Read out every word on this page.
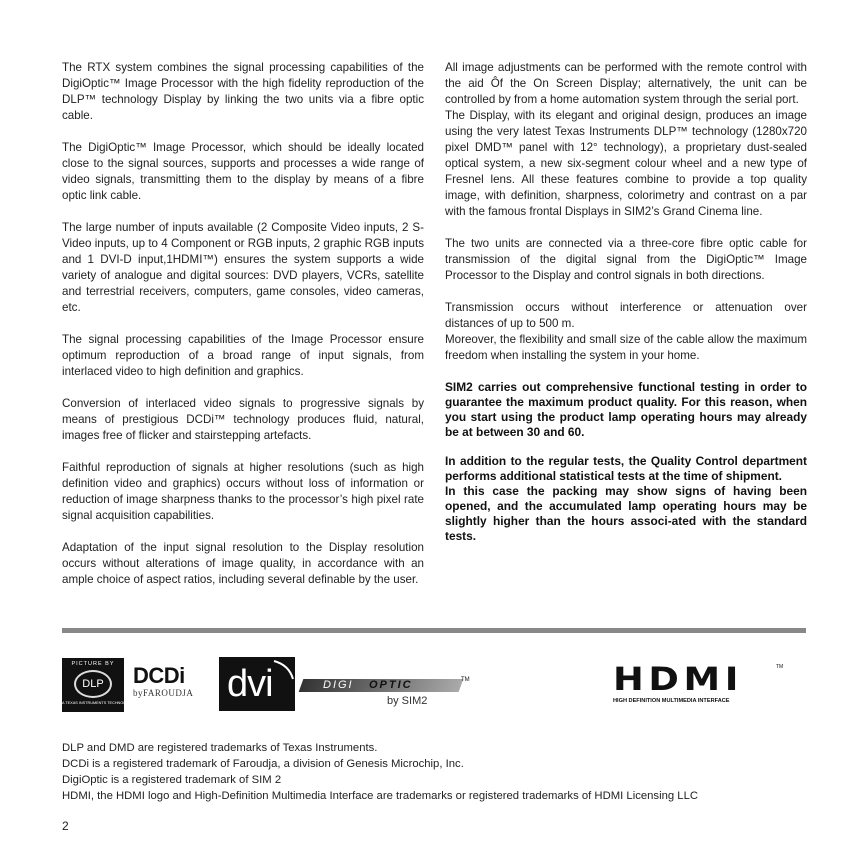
The RTX system combines the signal processing capabilities of the DigiOptic™ Image Processor with the high fidelity reproduction of the DLP™ technology Display by linking the two units via a fibre optic cable.

The DigiOptic™ Image Processor, which should be ideally located close to the signal sources, supports and processes a wide range of video signals, transmitting them to the display by means of a fibre optic link cable.

The large number of inputs available (2 Composite Video inputs, 2 S-Video inputs, up to 4 Component or RGB inputs, 2 graphic RGB inputs and 1 DVI-D input,1HDMI™) ensures the system supports a wide variety of analogue and digital sources: DVD players, VCRs, satellite and terrestrial receivers, computers, game consoles, video cameras, etc.

The signal processing capabilities of the Image Processor ensure optimum reproduction of a broad range of input signals, from interlaced video to high definition and graphics.

Conversion of interlaced video signals to progressive signals by means of prestigious DCDi™ technology produces fluid, natural, images free of flicker and stairstepping artefacts.

Faithful reproduction of signals at higher resolutions (such as high definition video and graphics) occurs without loss of information or reduction of image sharpness thanks to the processor’s high pixel rate signal acquisition capabilities.

Adaptation of the input signal resolution to the Display resolution occurs without alterations of image quality, in accordance with an ample choice of aspect ratios, including several definable by the user.

All image adjustments can be performed with the remote control with the aid Ôf the On Screen Display; alternatively, the unit can be controlled by from a home automation system through the serial port.

The Display, with its elegant and original design, produces an image using the very latest Texas Instruments DLP™ technology (1280x720 pixel DMD™ panel with 12° technology), a proprietary dust-sealed optical system, a new six-segment colour wheel and a new type of Fresnel lens. All these features combine to provide a top quality image, with definition, sharpness, colorimetry and contrast on a par with the famous frontal Displays in SIM2’s Grand Cinema line.

The two units are connected via a three-core fibre optic cable for transmission of the digital signal from the DigiOptic™ Image Processor to the Display and control signals in both directions.

Transmission occurs without interference or attenuation over distances of up to 500 m.

Moreover, the flexibility and small size of the cable allow the maximum freedom when installing the system in your home.

SIM2 carries out comprehensive functional testing in order to guarantee the maximum product quality. For this reason, when you start using the product lamp operating hours may already be at between 30 and 60.

In addition to the regular tests, the Quality Control department performs additional statistical tests at the time of shipment.

In this case the packing may show signs of having been opened, and the accumulated lamp operating hours may be slightly higher than the hours associ-ated with the standard tests.

PICTURE BY
DLP
A TEXAS INSTRUMENTS TECHNOLOGY
DCDi
byFAROUDJA dvi	DIGI OPTIC	TM
by SIM2
HDMI	TM
HIGH DEFINITION MULTIMEDIA INTERFACE
DLP and DMD are registered trademarks of Texas Instruments.
DCDi is a registered trademark of Faroudja, a division of Genesis Microchip, Inc.
DigiOptic is a registered trademark of SIM 2
HDMI, the HDMI logo and High-Definition Multimedia Interface are trademarks or registered trademarks of HDMI Licensing LLC
2
